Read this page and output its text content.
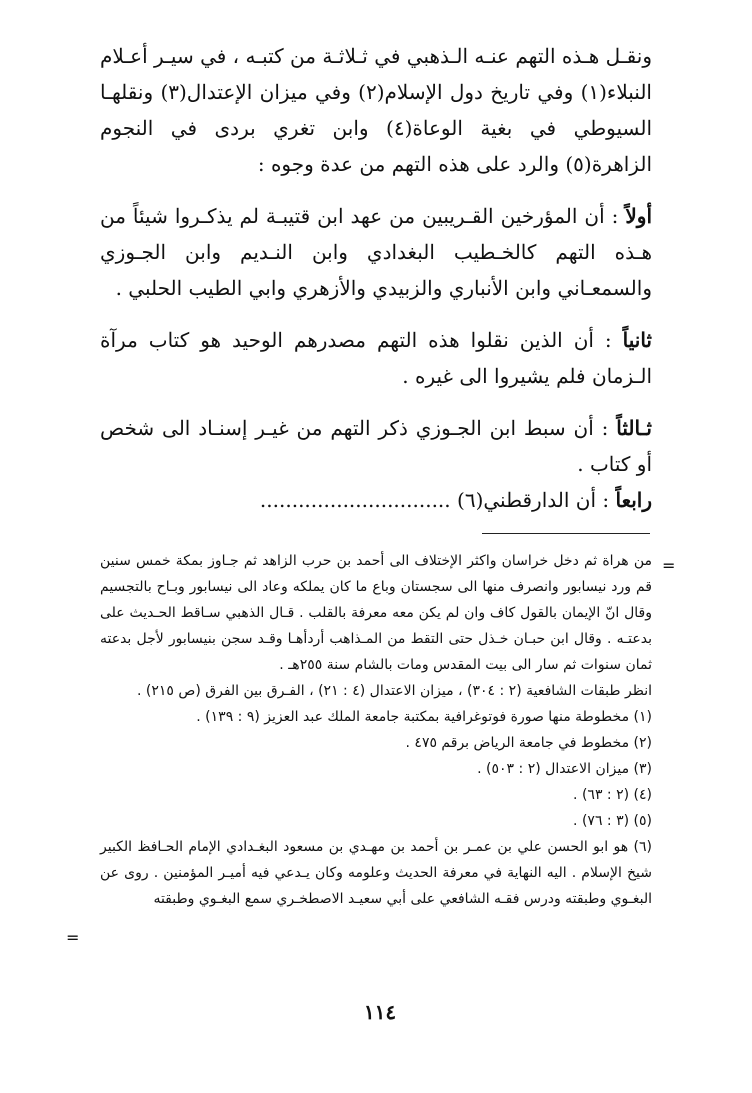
ونقـل هـذه التهم عنـه الـذهبي في ثـلاثـة من كتبـه ، في سيـر أعـلام النبلاء(١) وفي تاريخ دول الإسلام(٢) وفي ميزان الإعتدال(٣) ونقلهـا السيوطي في بغية الوعاة(٤) وابن تغري بردى في النجوم الزاهرة(٥) والرد على هذه التهم من عدة وجوه :

أولاً : أن المؤرخين القـريبين من عهد ابن قتيبـة لم يذكـروا شيئاً من هـذه التهم كالخـطيب البغدادي وابن النـديم وابن الجـوزي والسمعـاني وابن الأنباري والزبيدي والأزهري وابي الطيب الحلبي .

ثانياً : أن الذين نقلوا هذه التهم مصدرهم الوحيد هو كتاب مرآة الـزمان فلم يشيروا الى غيره .

ثـالثاً : أن سبط ابن الجـوزي ذكر التهم من غيـر إسنـاد الى شخص أو كتاب .

رابعاً : أن الدارقطني(٦) ..............................

=

من هراة ثم دخل خراسان واكثر الإختلاف الى أحمد بن حرب الزاهد ثم جـاوز بمكة خمس سنين قم ورد نيسابور وانصرف منها الى سجستان وباع ما كان يملكه وعاد الى نيسابور وبـاح بالتجسيم وقال انّ الإيمان بالقول كاف وان لم يكن معه معرفة بالقلب . قـال الذهبي سـاقط الحـديث على بدعتـه . وقال ابن حبـان خـذل حتى التقط من المـذاهب أردأهـا وقـد سجن بنيسابور لأجل بدعته ثمان سنوات ثم سار الى بيت المقدس ومات بالشام سنة ٢٥٥هـ .

انظر طبقات الشافعية (٢ : ٣٠٤) ، ميزان الاعتدال (٤ : ٢١) ، الفـرق بين الفرق (ص ٢١٥) .

(١) مخطوطة منها صورة فوتوغرافية بمكتبة جامعة الملك عبد العزيز (٩ : ١٣٩) .

(٢) مخطوط في جامعة الرياض برقم ٤٧٥ .

(٣) ميزان الاعتدال (٢ : ٥٠٣) .

(٤) (٢ : ٦٣) .

(٥) (٣ : ٧٦) .

(٦) هو ابو الحسن علي بن عمـر بن أحمد بن مهـدي بن مسعود البغـدادي الإمام الحـافظ الكبير شيخ الإسلام . اليه النهاية في معرفة الحديث وعلومه وكان يـدعي فيه أميـر المؤمنين . روى عن البغـوي وطبقته ودرس فقـه الشافعي على أبي سعيـد الاصطخـري سمع البغـوي وطبقته

=
١١٤
